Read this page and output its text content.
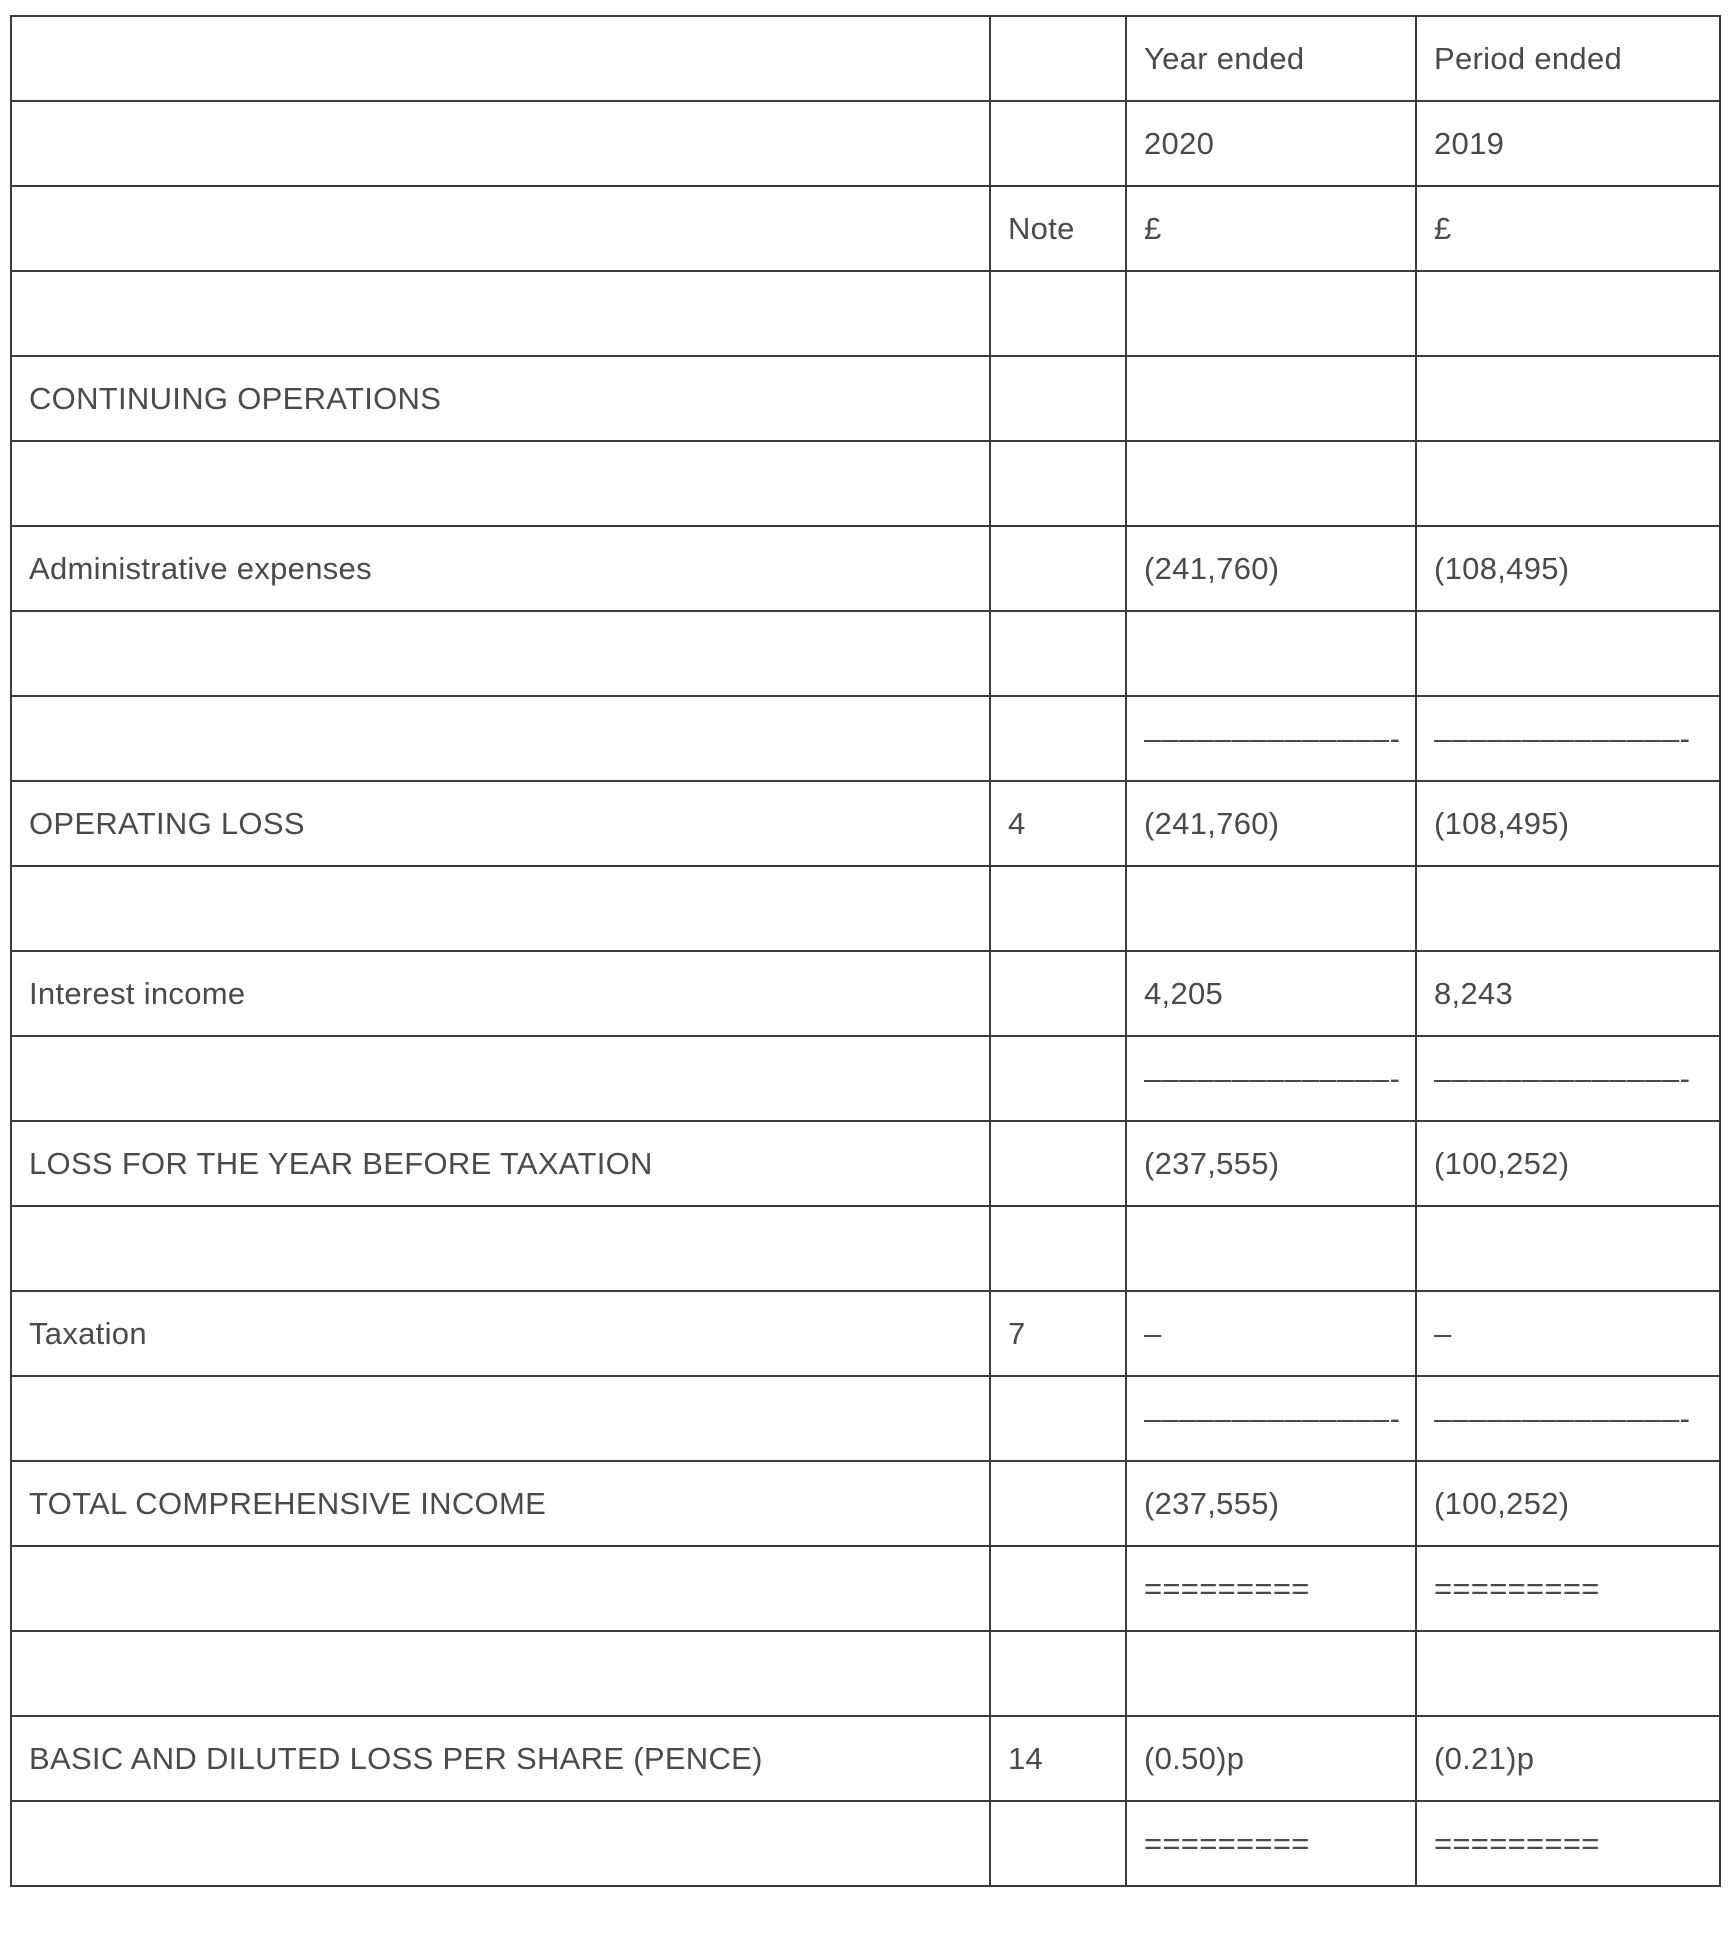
		Year ended	Period ended
		2020	2019
	Note	£	£

CONTINUING OPERATIONS			

Administrative expenses		(241,760)	(108,495)

		––––––––––––––-	––––––––––––––-
OPERATING LOSS	4	(241,760)	(108,495)

Interest income		4,205	8,243
		––––––––––––––-	––––––––––––––-
LOSS FOR THE YEAR BEFORE TAXATION		(237,555)	(100,252)

Taxation	7	–	–
		––––––––––––––-	––––––––––––––-
TOTAL COMPREHENSIVE INCOME		(237,555)	(100,252)
		=========	=========

BASIC AND DILUTED LOSS PER SHARE (PENCE)	14	(0.50)p	(0.21)p
		=========	=========
